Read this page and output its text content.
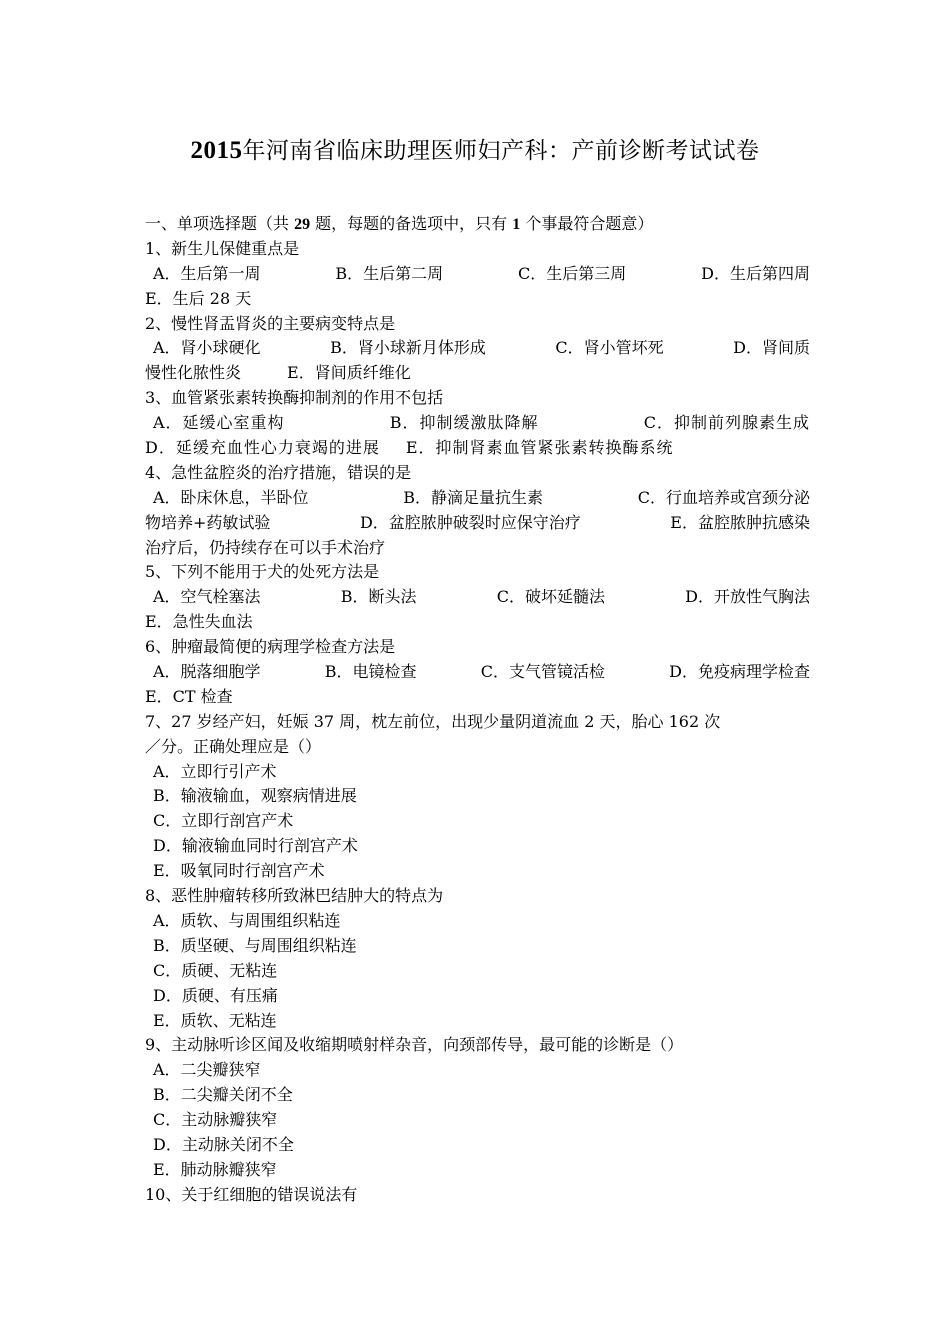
2015年河南省临床助理医师妇产科：产前诊断考试试卷
一、单项选择题（共 29 题，每题的备选项中，只有 1 个事最符合题意）
1、新生儿保健重点是
A．生后第一周	B．生后第二周	C．生后第三周	D．生后第四周
E．生后 28 天
2、慢性肾盂肾炎的主要病变特点是
A．肾小球硬化	B．肾小球新月体形成	C．肾小管坏死	D．肾间质
慢性化脓性炎	E．肾间质纤维化
3、血管紧张素转换酶抑制剂的作用不包括
A．延缓心室重构	B．抑制缓激肽降解	C．抑制前列腺素生成
D．延缓充血性心力衰竭的进展 E．抑制肾素血管紧张素转换酶系统
4、急性盆腔炎的治疗措施，错误的是
A．卧床休息，半卧位	B．静滴足量抗生素	C．行血培养或宫颈分泌
物培养+药敏试验	D．盆腔脓肿破裂时应保守治疗	E．盆腔脓肿抗感染
治疗后，仍持续存在可以手术治疗
5、下列不能用于犬的处死方法是
A．空气栓塞法	B．断头法	C．破坏延髓法	D．开放性气胸法
E．急性失血法
6、肿瘤最简便的病理学检查方法是
A．脱落细胞学	B．电镜检查	C．支气管镜活检	D．免疫病理学检查
E．CT 检查
7、27 岁经产妇，妊娠 37 周，枕左前位，出现少量阴道流血 2 天，胎心 162 次
／分。正确处理应是（）
A．立即行引产术
B．输液输血，观察病情进展
C．立即行剖宫产术
D．输液输血同时行剖宫产术
E．吸氧同时行剖宫产术
8、恶性肿瘤转移所致淋巴结肿大的特点为
A．质软、与周围组织粘连
B．质坚硬、与周围组织粘连
C．质硬、无粘连
D．质硬、有压痛
E．质软、无粘连
9、主动脉听诊区闻及收缩期喷射样杂音，向颈部传导，最可能的诊断是（）
A．二尖瓣狭窄
B．二尖瓣关闭不全
C．主动脉瓣狭窄
D．主动脉关闭不全
E．肺动脉瓣狭窄
10、关于红细胞的错误说法有
